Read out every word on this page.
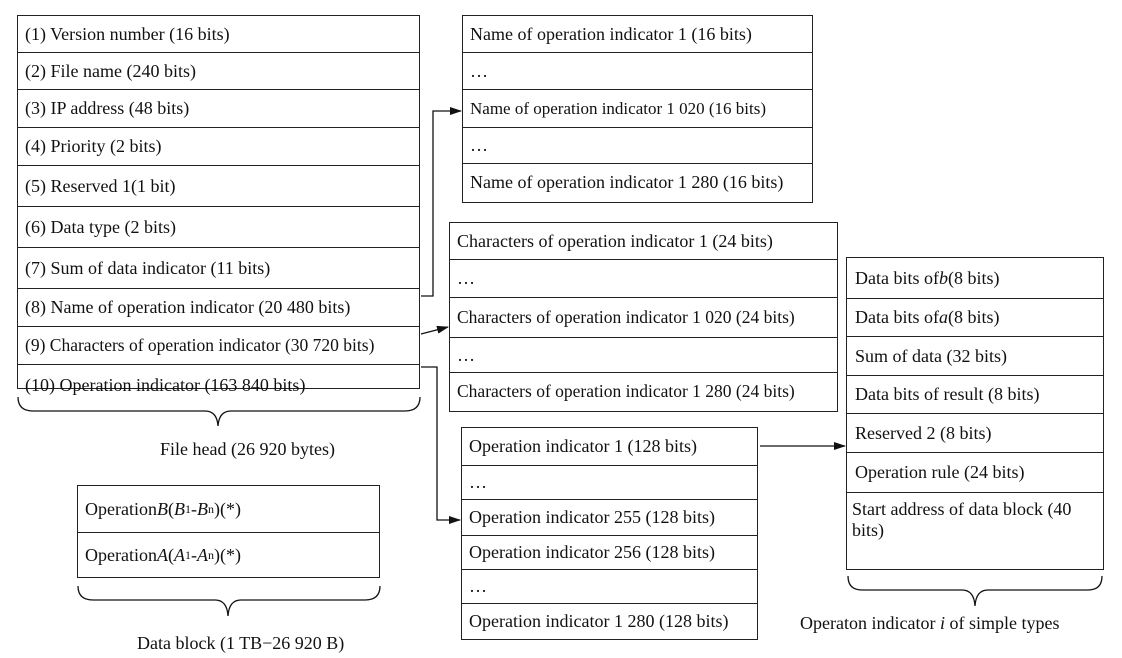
(1) Version number (16 bits)
(2) File name (240 bits)
(3) IP address (48 bits)
(4) Priority (2 bits)
(5) Reserved 1(1 bit)
(6) Data type (2 bits)
(7) Sum of data indicator (11 bits)
(8) Name of operation indicator (20 480 bits)
(9) Characters of operation indicator (30 720 bits)
(10) Operation indicator (163 840 bits)
File head (26 920 bytes)
Name of operation indicator 1 (16 bits)
…
Name of operation indicator 1 020 (16 bits)
…
Name of operation indicator 1 280 (16 bits)
Characters of operation indicator 1 (24 bits)
…
Characters of operation indicator 1 020 (24 bits)
…
Characters of operation indicator 1 280 (24 bits)
Operation indicator 1 (128 bits)
…
Operation indicator 255 (128 bits)
Operation indicator 256 (128 bits)
…
Operation indicator 1 280 (128 bits)
Data bits of b (8 bits)
Data bits of a (8 bits)
Sum of data (32 bits)
Data bits of result (8 bits)
Reserved 2 (8 bits)
Operation rule (24 bits)
Start address of data block (40 bits)
Operaton indicator i of simple types
Operation B ( B 1 - B n )(*)
Operation A ( A 1 - A n )(*)
Data block (1 TB−26 920 B)
